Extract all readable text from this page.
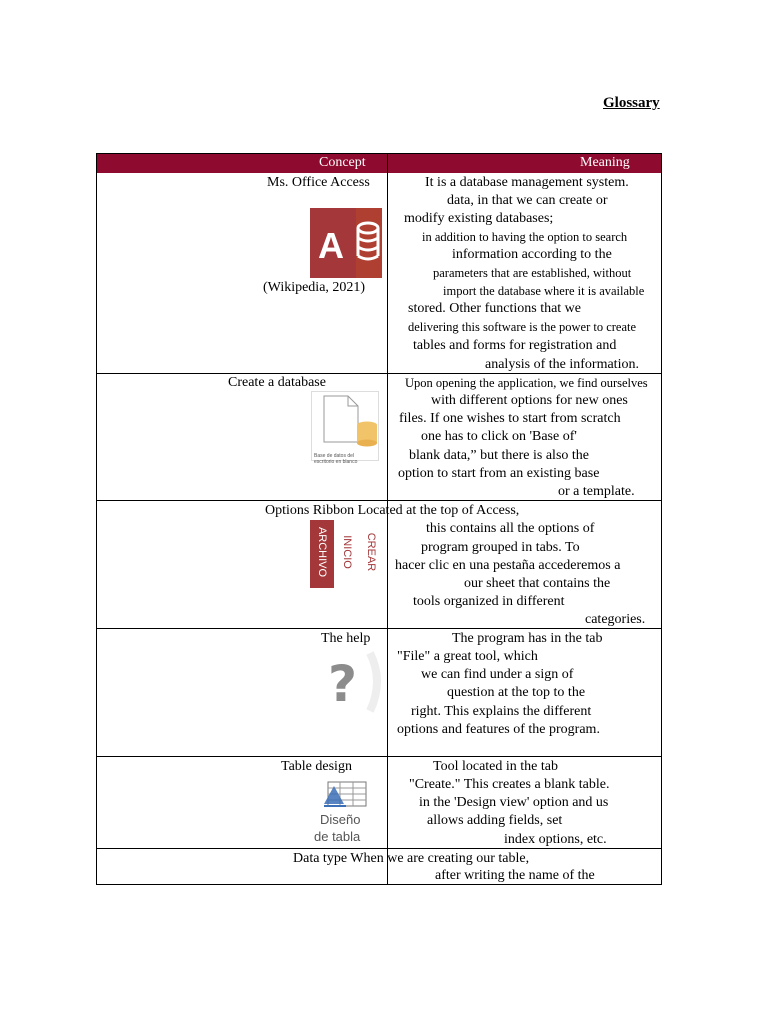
Glossary
Concept	Meaning
Ms. Office Access
A
(Wikipedia, 2021)
It is a database management system.
data, in that we can create or
modify existing databases;
in addition to having the option to search
information according to the
parameters that are established, without
import the database where it is available
stored. Other functions that we
delivering this software is the power to create
tables and forms for registration and
analysis of the information.
Create a database
Base de datos del escritorio en blanco
Upon opening the application, we find ourselves
with different options for new ones
files. If one wishes to start from scratch
one has to click on 'Base of'
blank data,” but there is also the
option to start from an existing base
or a template.
Options Ribbon Located at the top of Access,
ARCHIVO INICIO CREAR
this contains all the options of
program grouped in tabs. To
hacer clic en una pestaña accederemos a
our sheet that contains the
tools organized in different
categories.
The help
?
The program has in the tab
"File" a great tool, which
we can find under a sign of
question at the top to the
right. This explains the different
options and features of the program.
Table design
Diseño
de tabla
Tool located in the tab
"Create." This creates a blank table.
in the 'Design view' option and us
allows adding fields, set
index options, etc.
Data type When we are creating our table,
after writing the name of the
